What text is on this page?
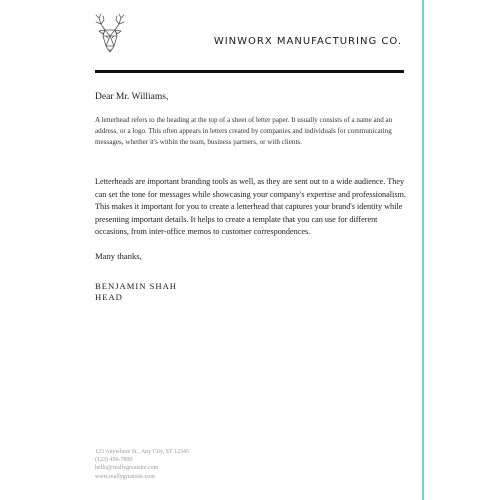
WINWORX MANUFACTURING CO.
Dear Mr. Williams,
A letterhead refers to the heading at the top of a sheet of letter paper. It usually consists of a name and an address, or a logo. This often appears in letters created by companies and individuals for communicating messages, whether it's within the team, business partners, or with clients.
Letterheads are important branding tools as well, as they are sent out to a wide audience. They can set the tone for messages while showcasing your company's expertise and professionalism. This makes it important for you to create a letterhead that captures your brand's identity while presenting important details. It helps to create a template that you can use for different occasions, from inter-office memos to customer correspondences.
Many thanks,
BENJAMIN SHAH
HEAD
123 Anywhere St., Any City, ST 12345
(123) 456-7890
hello@reallygreatsite.com
www.reallygreatsite.com
